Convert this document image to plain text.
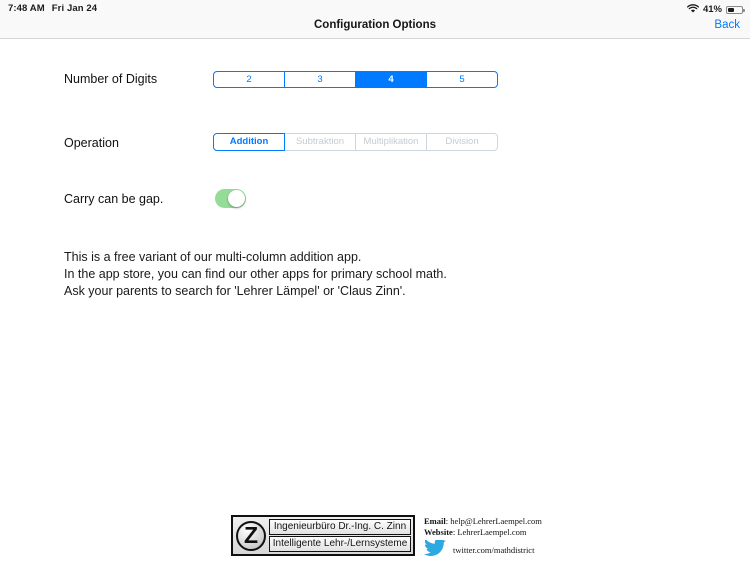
7:48 AM Fri Jan 24	41%
Configuration Options	Back
Number of Digits	2	3	4	5
Operation	Addition	Subtraktion	Multiplikation	Division
Carry can be gap.
This is a free variant of our multi-column addition app.
In the app store, you can find our other apps for primary school math.
Ask your parents to search for 'Lehrer Lämpel' or 'Claus Zinn'.
Z	Ingenieurbüro Dr.-Ing. C. Zinn
Intelligente Lehr-/Lernsysteme
Email: help@LehrerLaempel.com
Website: LehrerLaempel.com
twitter.com/mathdistrict
